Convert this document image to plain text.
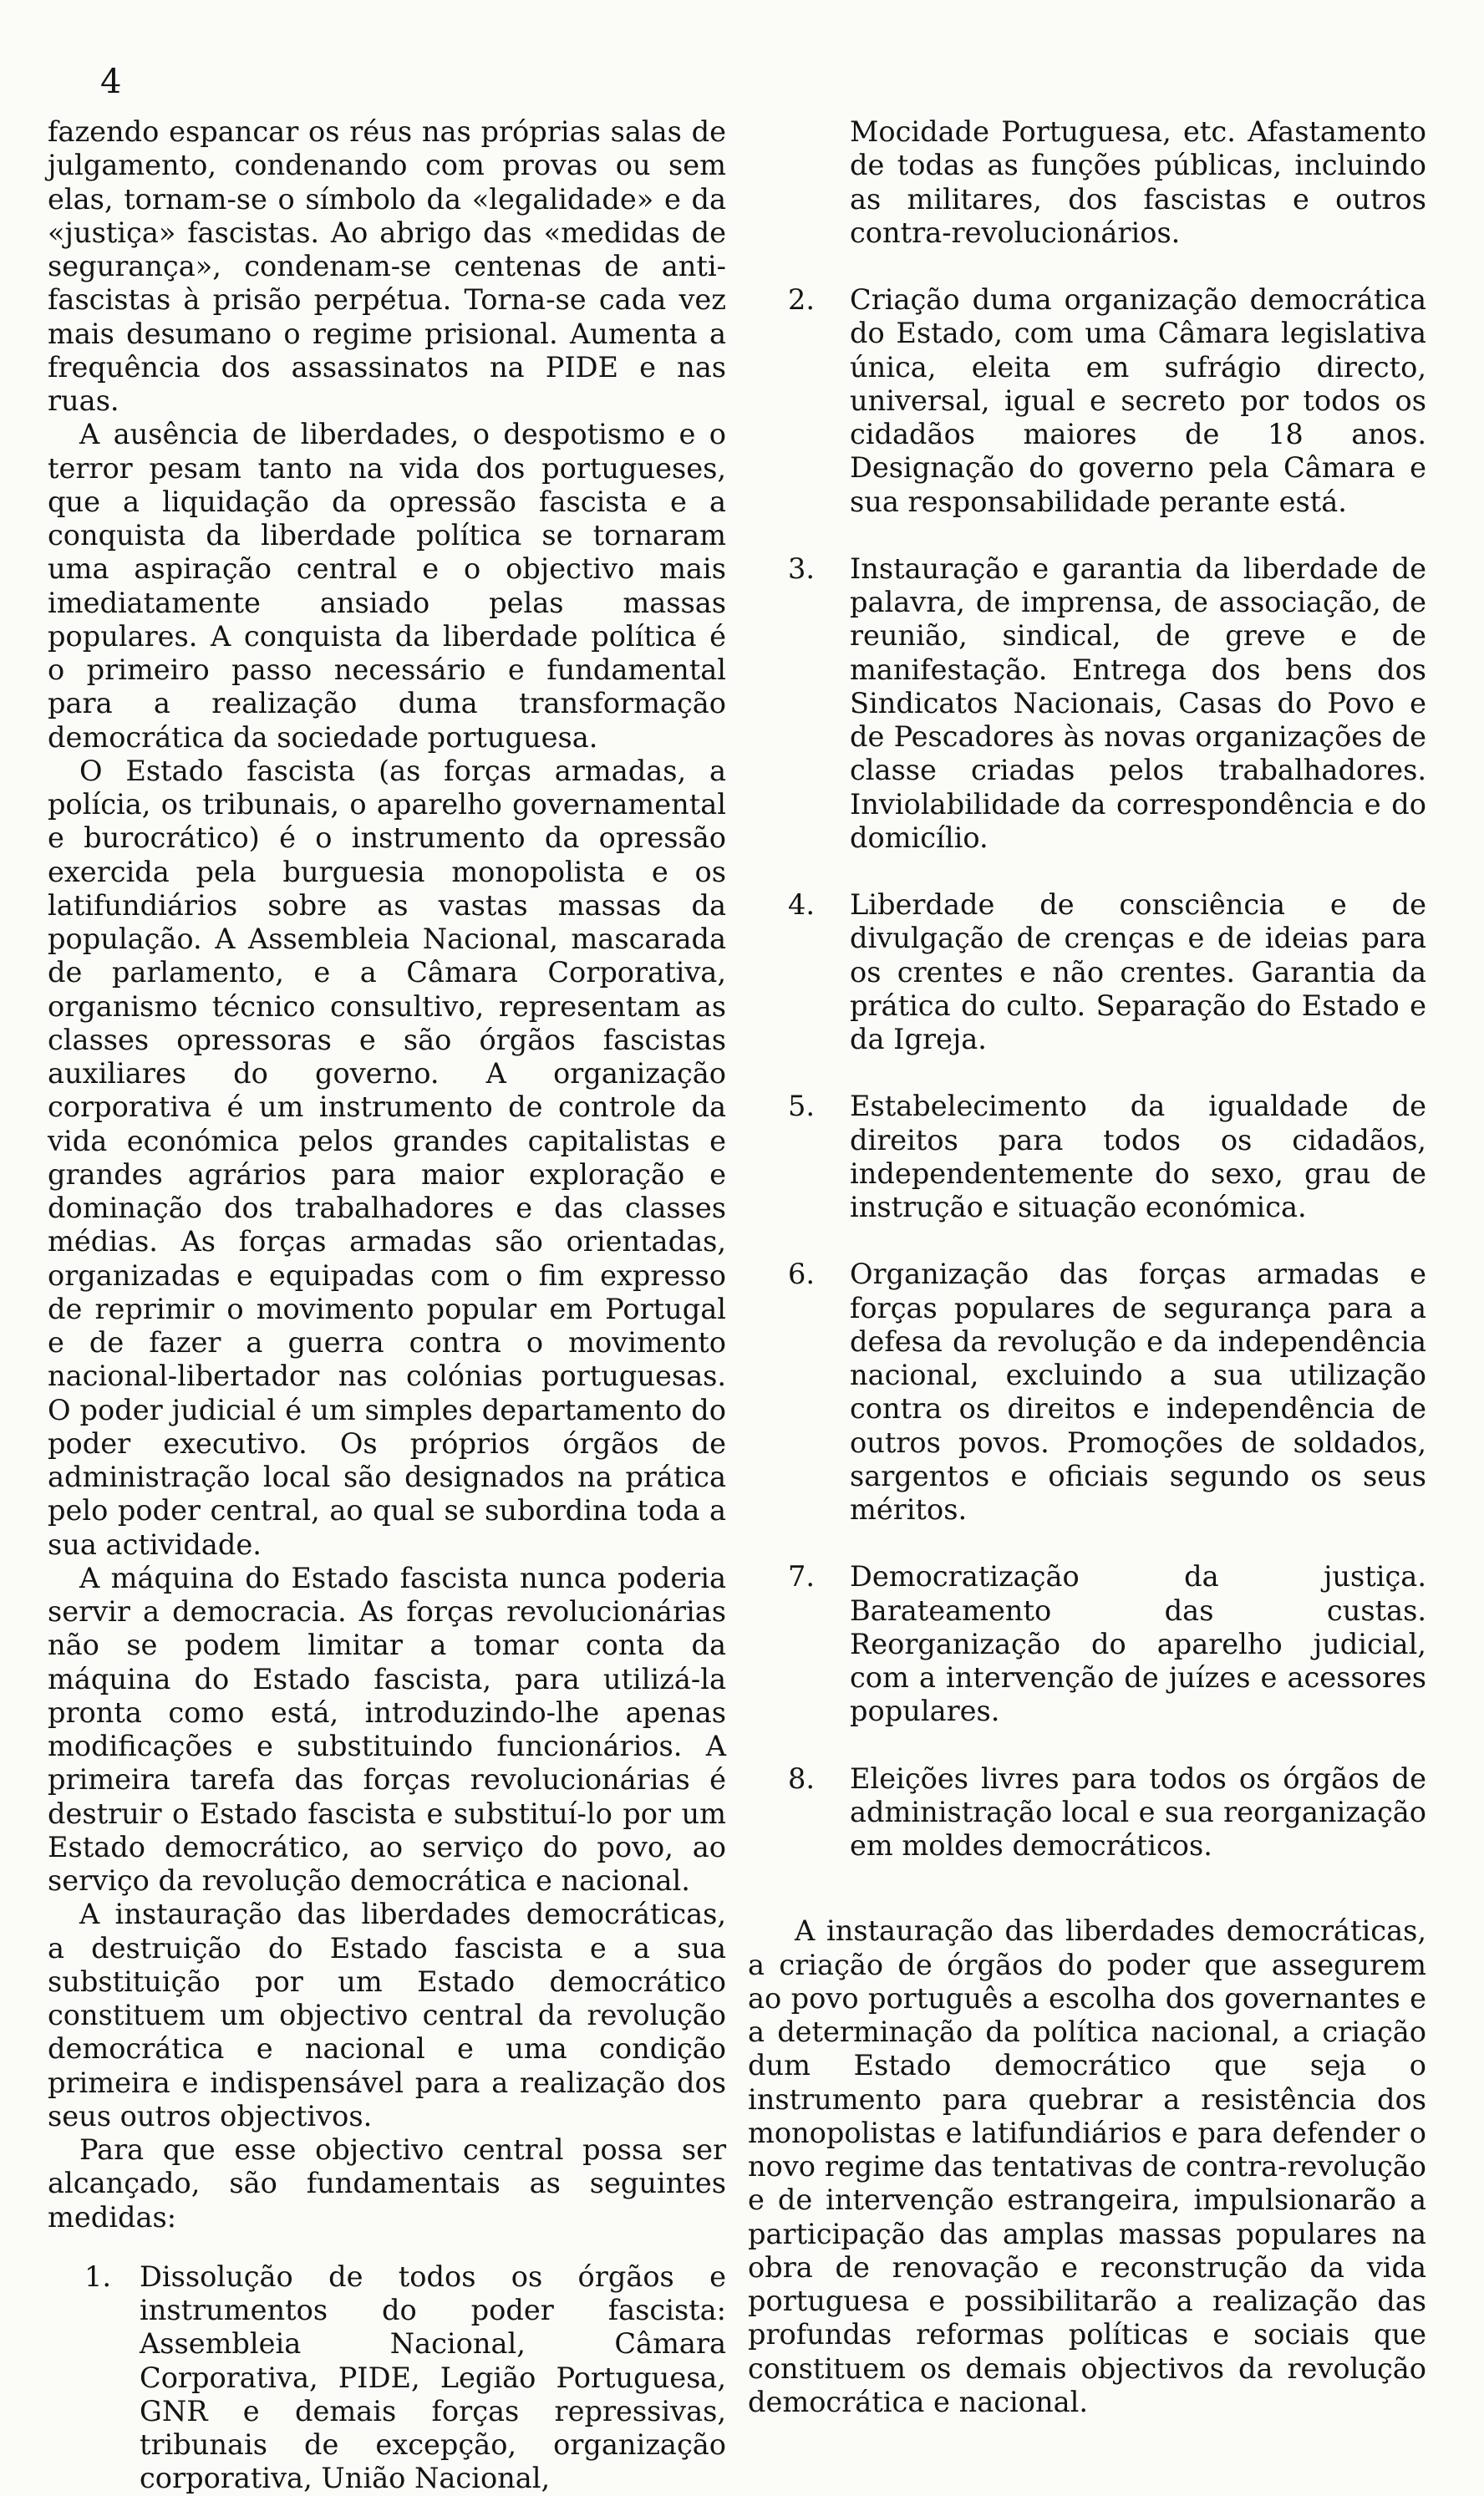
4

fazendo espancar os réus nas próprias salas de julgamento, condenando com provas ou sem elas, tornam-se o símbolo da «legalidade» e da «justiça» fascistas. Ao abrigo das «medidas de segurança», condenam-se centenas de anti-fascistas à prisão perpétua. Torna-se cada vez mais desumano o regime prisional. Aumenta a frequência dos assassinatos na PIDE e nas ruas.

A ausência de liberdades, o despotismo e o terror pesam tanto na vida dos portugueses, que a liquidação da opressão fascista e a conquista da liberdade política se tornaram uma aspiração central e o objectivo mais imediatamente ansiado pelas massas populares. A conquista da liberdade política é o primeiro passo necessário e fundamental para a realização duma transformação democrática da sociedade portuguesa.

O Estado fascista (as forças armadas, a polícia, os tribunais, o aparelho governamental e burocrático) é o instrumento da opressão exercida pela burguesia monopolista e os latifundiários sobre as vastas massas da população. A Assembleia Nacional, mascarada de parlamento, e a Câmara Corporativa, organismo técnico consultivo, representam as classes opressoras e são órgãos fascistas auxiliares do governo. A organização corporativa é um instrumento de controle da vida económica pelos grandes capitalistas e grandes agrários para maior exploração e dominação dos trabalhadores e das classes médias. As forças armadas são orientadas, organizadas e equipadas com o fim expresso de reprimir o movimento popular em Portugal e de fazer a guerra contra o movimento nacional-libertador nas colónias portuguesas. O poder judicial é um simples departamento do poder executivo. Os próprios órgãos de administração local são designados na prática pelo poder central, ao qual se subordina toda a sua actividade.

A máquina do Estado fascista nunca poderia servir a democracia. As forças revolucionárias não se podem limitar a tomar conta da máquina do Estado fascista, para utilizá-la pronta como está, introduzindo-lhe apenas modificações e substituindo funcionários. A primeira tarefa das forças revolucionárias é destruir o Estado fascista e substituí-lo por um Estado democrático, ao serviço do povo, ao serviço da revolução democrática e nacional.

A instauração das liberdades democráticas, a destruição do Estado fascista e a sua substituição por um Estado democrático constituem um objectivo central da revolução democrática e nacional e uma condição primeira e indispensável para a realização dos seus outros objectivos.

Para que esse objectivo central possa ser alcançado, são fundamentais as seguintes medidas:

1.	Dissolução de todos os órgãos e instrumentos do poder fascista: Assembleia Nacional, Câmara Corporativa, PIDE, Legião Portuguesa, GNR e demais forças repressivas, tribunais de excepção, organização corporativa, União Nacional,

Mocidade Portuguesa, etc. Afastamento de todas as funções públicas, incluindo as militares, dos fascistas e outros contra-revolucionários.

2.	Criação duma organização democrática do Estado, com uma Câmara legislativa única, eleita em sufrágio directo, universal, igual e secreto por todos os cidadãos maiores de 18 anos. Designação do governo pela Câmara e sua responsabilidade perante está.
3.	Instauração e garantia da liberdade de palavra, de imprensa, de associação, de reunião, sindical, de greve e de manifestação. Entrega dos bens dos Sindicatos Nacionais, Casas do Povo e de Pescadores às novas organizações de classe criadas pelos trabalhadores. Inviolabilidade da correspondência e do domicílio.
4.	Liberdade de consciência e de divulgação de crenças e de ideias para os crentes e não crentes. Garantia da prática do culto. Separação do Estado e da Igreja.
5.	Estabelecimento da igualdade de direitos para todos os cidadãos, independentemente do sexo, grau de instrução e situação económica.
6.	Organização das forças armadas e forças populares de segurança para a defesa da revolução e da independência nacional, excluindo a sua utilização contra os direitos e independência de outros povos. Promoções de soldados, sargentos e oficiais segundo os seus méritos.
7.	Democratização da justiça. Barateamento das custas. Reorganização do aparelho judicial, com a intervenção de juízes e acessores populares.
8.	Eleições livres para todos os órgãos de administração local e sua reorganização em moldes democráticos.

A instauração das liberdades democráticas, a criação de órgãos do poder que assegurem ao povo português a escolha dos governantes e a determinação da política nacional, a criação dum Estado democrático que seja o instrumento para quebrar a resistência dos monopolistas e latifundiários e para defender o novo regime das tentativas de contra-revolução e de intervenção estrangeira, impulsionarão a participação das amplas massas populares na obra de renovação e reconstrução da vida portuguesa e possibilitarão a realização das profundas reformas políticas e sociais que constituem os demais objectivos da revolução democrática e nacional.
